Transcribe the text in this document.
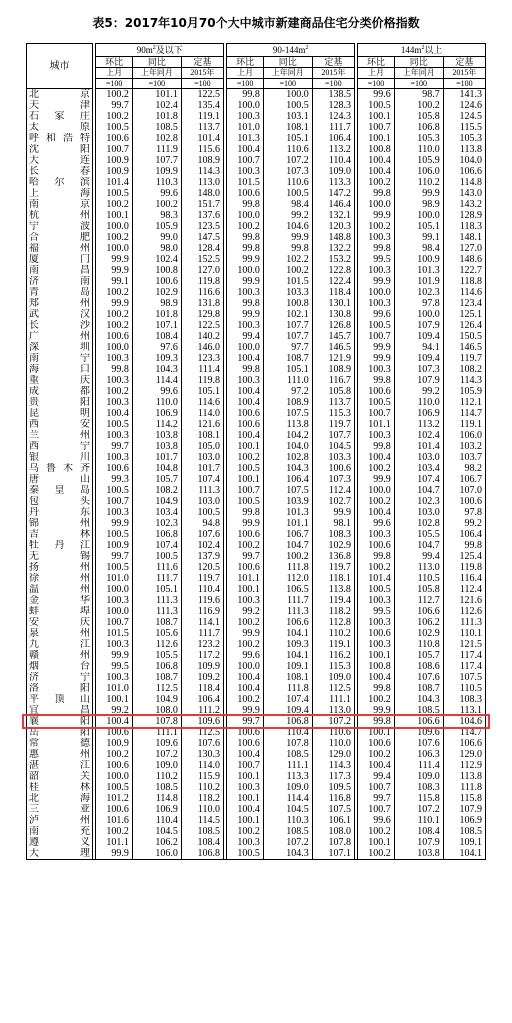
表5：2017年10月70个大中城市新建商品住宅分类价格指数
城市		$90m^2$及以下				$90-144m^2$				$144m^2$以上		
		环比	同比	定基		环比	同比	定基		环比	同比	定基
		上月	上年同月	2015年		上月	上年同月	2015年		上月	上年同月	2015年
		=100	=100	=100		=100	=100	=100		=100	=100	=100
北京		100.2	101.1	122.5		99.8	100.0	138.5		99.6	98.7	141.3
天津		99.7	102.4	135.4		100.0	100.5	128.3		100.5	100.2	124.6
石家庄		100.2	101.8	119.1		100.3	103.1	124.3		100.1	105.8	124.5
太原		100.5	108.5	113.7		101.0	108.1	111.7		100.7	106.8	115.5
呼和浩特		100.6	102.8	101.4		101.3	105.1	106.4		100.1	105.3	105.3
沈阳		100.7	111.9	115.6		100.4	110.6	113.2		100.8	110.0	113.8
大连		100.9	107.7	108.9		100.7	107.2	110.4		100.4	105.9	104.0
长春		100.9	109.9	114.3		100.3	107.3	109.0		100.4	106.0	106.6
哈尔滨		101.4	110.3	113.0		101.5	110.6	113.3		100.2	110.2	114.8
上海		100.5	99.6	148.0		100.6	100.5	147.2		99.8	99.9	143.0
南京		100.2	100.2	151.7		99.8	98.4	146.4		100.0	98.9	143.2
杭州		100.1	98.3	137.6		100.0	99.2	132.1		99.9	100.0	128.9
宁波		100.0	105.9	123.5		100.2	104.6	120.3		100.2	105.1	118.3
合肥		100.2	99.0	147.5		99.8	99.9	148.8		100.3	99.1	148.1
福州		100.0	98.0	128.4		99.8	99.8	132.2		99.8	98.4	127.0
厦门		99.9	102.4	152.5		99.9	102.2	153.2		99.5	100.9	148.6
南昌		99.9	100.8	127.0		100.0	100.2	122.8		100.3	101.3	122.7
济南		99.1	100.6	119.8		99.9	101.5	122.4		99.9	101.9	118.8
青岛		100.2	102.9	116.6		100.3	103.3	118.4		100.0	102.3	114.6
郑州		99.9	98.9	131.8		99.8	100.8	130.1		100.3	97.8	123.4
武汉		100.2	101.8	129.8		99.9	102.1	130.8		99.6	100.0	125.1
长沙		100.2	107.1	122.5		100.3	107.7	126.8		100.5	107.9	126.4
广州		100.6	108.4	140.2		99.4	107.7	145.7		100.7	109.4	150.5
深圳		100.0	97.6	146.0		100.0	97.7	146.5		99.9	94.1	146.5
南宁		100.3	109.3	123.3		100.4	108.7	121.9		99.9	109.4	119.7
海口		99.8	104.3	111.4		99.8	105.1	108.9		100.3	107.3	108.2
重庆		100.3	114.4	119.8		100.3	111.0	116.7		99.8	107.9	114.3
成都		100.2	99.6	105.1		100.4	97.2	105.8		100.6	99.2	105.9
贵阳		100.3	110.0	114.6		100.4	108.9	113.7		100.5	110.0	112.1
昆明		100.4	106.9	114.0		100.6	107.5	115.3		100.7	106.9	114.7
西安		100.5	114.2	121.6		100.6	113.8	119.7		101.1	113.2	119.1
兰州		100.3	103.8	108.1		100.4	104.2	107.7		100.3	102.4	106.0
西宁		99.7	103.8	105.0		100.1	104.0	104.5		99.8	101.4	103.2
银川		100.3	101.7	103.0		100.2	102.8	103.3		100.4	103.0	103.7
乌鲁木齐		100.6	104.8	101.7		100.5	104.3	100.6		100.2	103.4	98.2
唐山		99.3	105.7	107.4		100.1	106.4	107.3		99.9	107.4	106.7
秦皇岛		100.5	108.2	111.3		100.7	107.5	112.4		100.0	104.7	107.0
包头		100.7	104.9	103.0		100.5	103.9	102.7		100.2	102.3	100.6
丹东		100.3	103.4	100.5		99.8	101.3	99.9		100.4	103.0	97.8
锦州		99.9	102.3	94.8		99.9	101.1	98.1		99.6	102.8	99.2
吉林		100.5	106.8	107.6		100.6	106.7	108.3		100.3	105.5	106.4
牡丹江		100.9	107.4	102.4		100.2	104.7	102.9		100.6	104.7	99.8
无锡		99.7	100.5	137.9		99.7	100.2	136.8		99.8	99.4	125.4
扬州		100.5	111.6	120.5		100.6	111.8	119.7		100.2	113.0	119.8
徐州		101.0	111.7	119.7		101.1	112.0	118.1		101.4	110.5	116.4
温州		100.0	105.1	110.4		100.1	106.5	113.8		100.5	105.8	112.4
金华		100.3	111.3	119.6		100.3	111.7	119.4		100.3	112.7	121.6
蚌埠		100.0	111.3	116.9		99.2	111.3	118.2		99.5	106.6	112.6
安庆		100.7	108.7	114.1		100.2	106.6	112.8		100.3	106.2	111.3
泉州		101.5	105.6	111.7		99.9	104.1	110.2		100.6	102.9	110.1
九江		100.3	112.6	123.2		100.2	109.3	119.1		100.3	110.8	121.5
赣州		99.9	105.5	117.2		99.6	104.1	116.2		100.1	105.7	117.4
烟台		99.5	106.8	109.9		100.0	109.1	115.3		100.8	108.6	117.4
济宁		100.3	108.7	109.2		100.4	108.1	109.0		100.4	107.6	107.5
洛阳		101.0	112.5	118.4		100.4	111.8	112.5		99.8	108.7	110.5
平顶山		100.1	104.9	106.4		100.2	107.4	111.1		100.2	104.3	108.3
宜昌		99.2	108.0	111.2		99.9	109.4	113.0		99.9	108.5	113.1
襄阳		100.4	107.8	109.6		99.7	106.8	107.2		99.8	106.6	104.6
岳阳		100.6	111.1	112.5		100.6	110.4	110.6		100.1	109.6	114.7
常德		100.9	109.6	107.6		100.6	107.8	110.0		100.6	107.6	106.6
惠州		100.2	107.2	130.3		100.4	108.5	129.0		100.2	106.3	129.0
湛江		100.6	109.0	114.0		100.7	111.1	114.3		100.4	111.4	112.9
韶关		100.0	110.2	115.9		100.1	113.3	117.3		99.4	109.0	113.8
桂林		100.5	108.5	110.2		100.3	109.0	109.5		100.7	108.3	111.8
北海		101.2	114.8	118.2		100.1	114.4	116.8		99.7	115.8	115.8
三亚		100.6	106.9	110.0		100.4	104.5	107.5		100.7	107.2	107.9
泸州		101.6	110.4	114.5		100.1	110.3	106.1		99.6	110.1	106.9
南充		100.2	104.5	108.5		100.2	108.5	108.0		100.2	108.4	108.5
遵义		101.1	106.2	108.4		100.3	107.2	107.8		100.1	107.9	109.1
大理		99.9	106.0	106.8		100.5	104.3	107.1		100.2	103.8	104.1
